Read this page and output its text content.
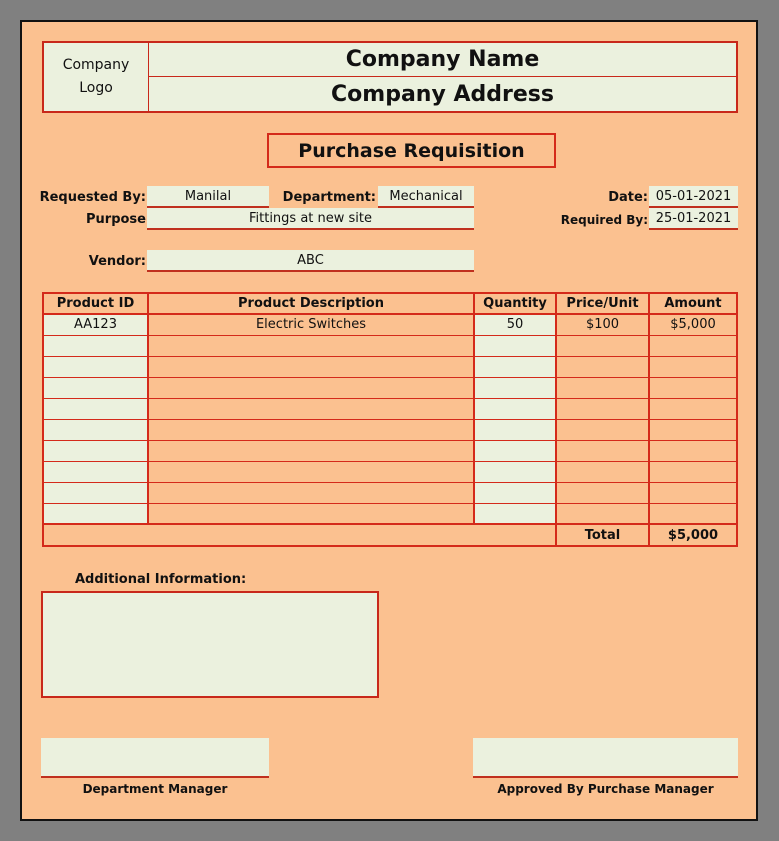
Company
Logo
Company Name
Company Address
Purchase Requisition
Requested By:	Manilal	Department:	Mechanical	Date: 05-01-2021
Purpose	Fittings at new site	Required By: 25-01-2021
Vendor:	ABC
Product ID	Product Description	Quantity	Price/Unit	Amount
AA123	Electric Switches	50	$100	$5,000

			Total	$5,000
Additional Information:
Department Manager	Approved By Purchase Manager
